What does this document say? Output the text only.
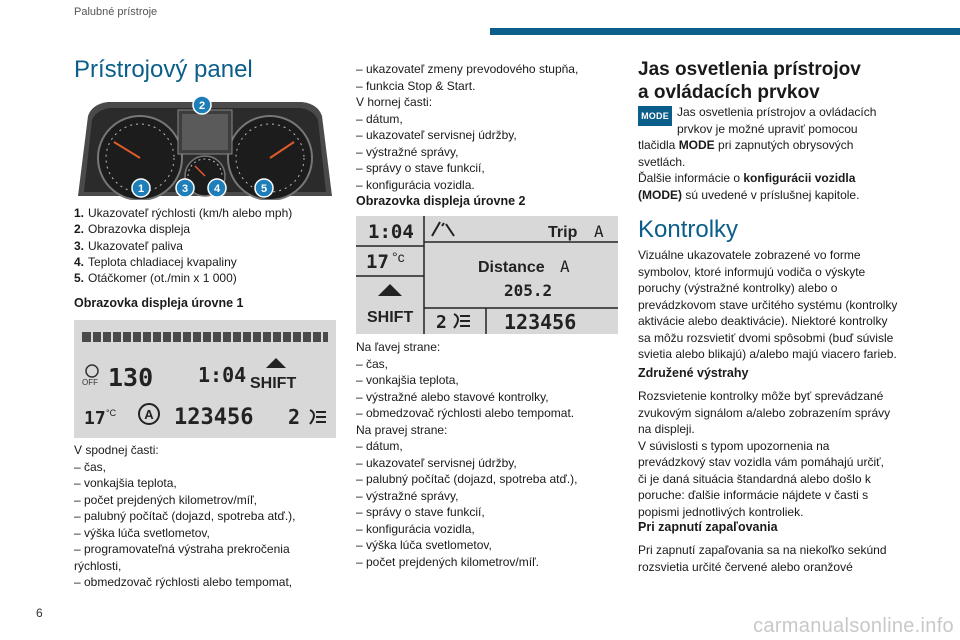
Palubné prístroje
Prístrojový panel
2
1	3 4	5
1. Ukazovateľ rýchlosti (km/h alebo mph)
2. Obrazovka displeja
3. Ukazovateľ paliva
4. Teplota chladiacej kvapaliny
5. Otáčkomer (ot./min x 1 000)
Obrazovka displeja úrovne 1
OFF 130 1:04 SHIFT
17 °C A 123456 2
V spodnej časti:
– čas,
– vonkajšia teplota,
– počet prejdených kilometrov/míľ,
– palubný počítač (dojazd, spotreba atď.),
– výška lúča svetlometov,
– programovateľná výstraha prekročenia
rýchlosti,
– obmedzovač rýchlosti alebo tempomat,
– ukazovateľ zmeny prevodového stupňa,
– funkcia Stop & Start.
V hornej časti:
– dátum,
– ukazovateľ servisnej údržby,
– výstražné správy,
– správy o stave funkcií,
– konfigurácia vozidla.
Obrazovka displeja úrovne 2
1:04
17 °c
SHIFT
Trip A
Distance A
205.2
2	123456
Na ľavej strane:
– čas,
– vonkajšia teplota,
– výstražné alebo stavové kontrolky,
– obmedzovač rýchlosti alebo tempomat.
Na pravej strane:
– dátum,
– ukazovateľ servisnej údržby,
– palubný počítač (dojazd, spotreba atď.),
– výstražné správy,
– správy o stave funkcií,
– konfigurácia vozidla,
– výška lúča svetlometov,
– počet prejdených kilometrov/míľ.
Jas osvetlenia prístrojov
a ovládacích prvkov
MODE Jas osvetlenia prístrojov a ovládacích
prvkov je možné upraviť pomocou
tlačidla MODE pri zapnutých obrysových
svetlách.
Ďalšie informácie o konfigurácii vozidla
(MODE) sú uvedené v príslušnej kapitole.
Kontrolky
Vizuálne ukazovatele zobrazené vo forme
symbolov, ktoré informujú vodiča o výskyte
poruchy (výstražné kontrolky) alebo o
prevádzkovom stave určitého systému (kontrolky
aktivácie alebo deaktivácie). Niektoré kontrolky
sa môžu rozsvietiť dvomi spôsobmi (buď súvisle
svietia alebo blikajú) a/alebo majú viacero farieb.
Združené výstrahy
Rozsvietenie kontrolky môže byť sprevádzané
zvukovým signálom a/alebo zobrazením správy
na displeji.
V súvislosti s typom upozornenia na
prevádzkový stav vozidla vám pomáhajú určiť,
či je daná situácia štandardná alebo došlo k
poruche: ďalšie informácie nájdete v časti s
popismi jednotlivých kontroliek.
Pri zapnutí zapaľovania
Pri zapnutí zapaľovania sa na niekoľko sekúnd
rozsvietia určité červené alebo oranžové
6
carmanualsonline.info
